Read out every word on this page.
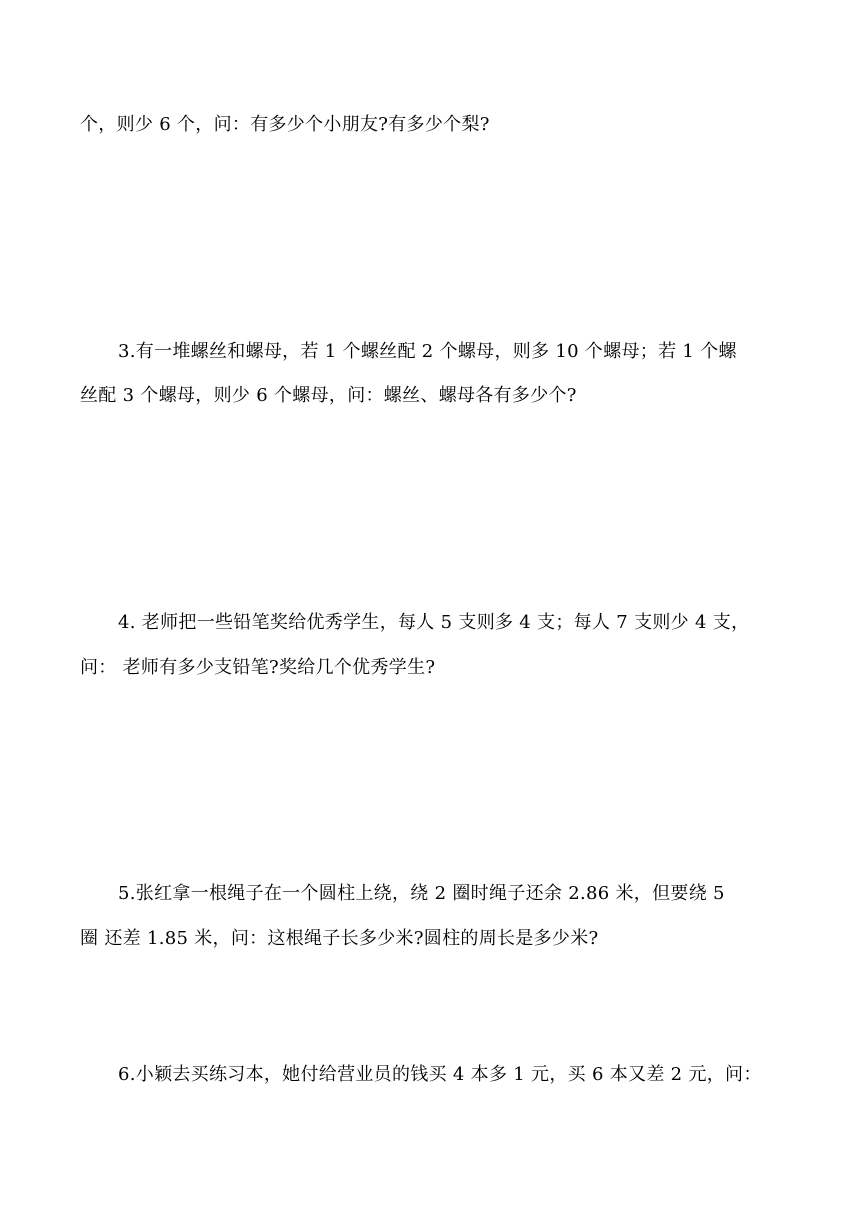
个，则少 6 个，问：有多少个小朋友?有多少个梨?
3.有一堆螺丝和螺母，若 1 个螺丝配 2 个螺母，则多 10 个螺母；若 1 个螺
丝配 3 个螺母，则少 6 个螺母，问：螺丝、螺母各有多少个?
4. 老师把一些铅笔奖给优秀学生，每人 5 支则多 4 支；每人 7 支则少 4 支，
问： 老师有多少支铅笔?奖给几个优秀学生?
5.张红拿一根绳子在一个圆柱上绕，绕 2 圈时绳子还余 2.86 米，但要绕 5
圈 还差 1.85 米，问：这根绳子长多少米?圆柱的周长是多少米?
6.小颖去买练习本，她付给营业员的钱买 4 本多 1 元，买 6 本又差 2 元，问：
